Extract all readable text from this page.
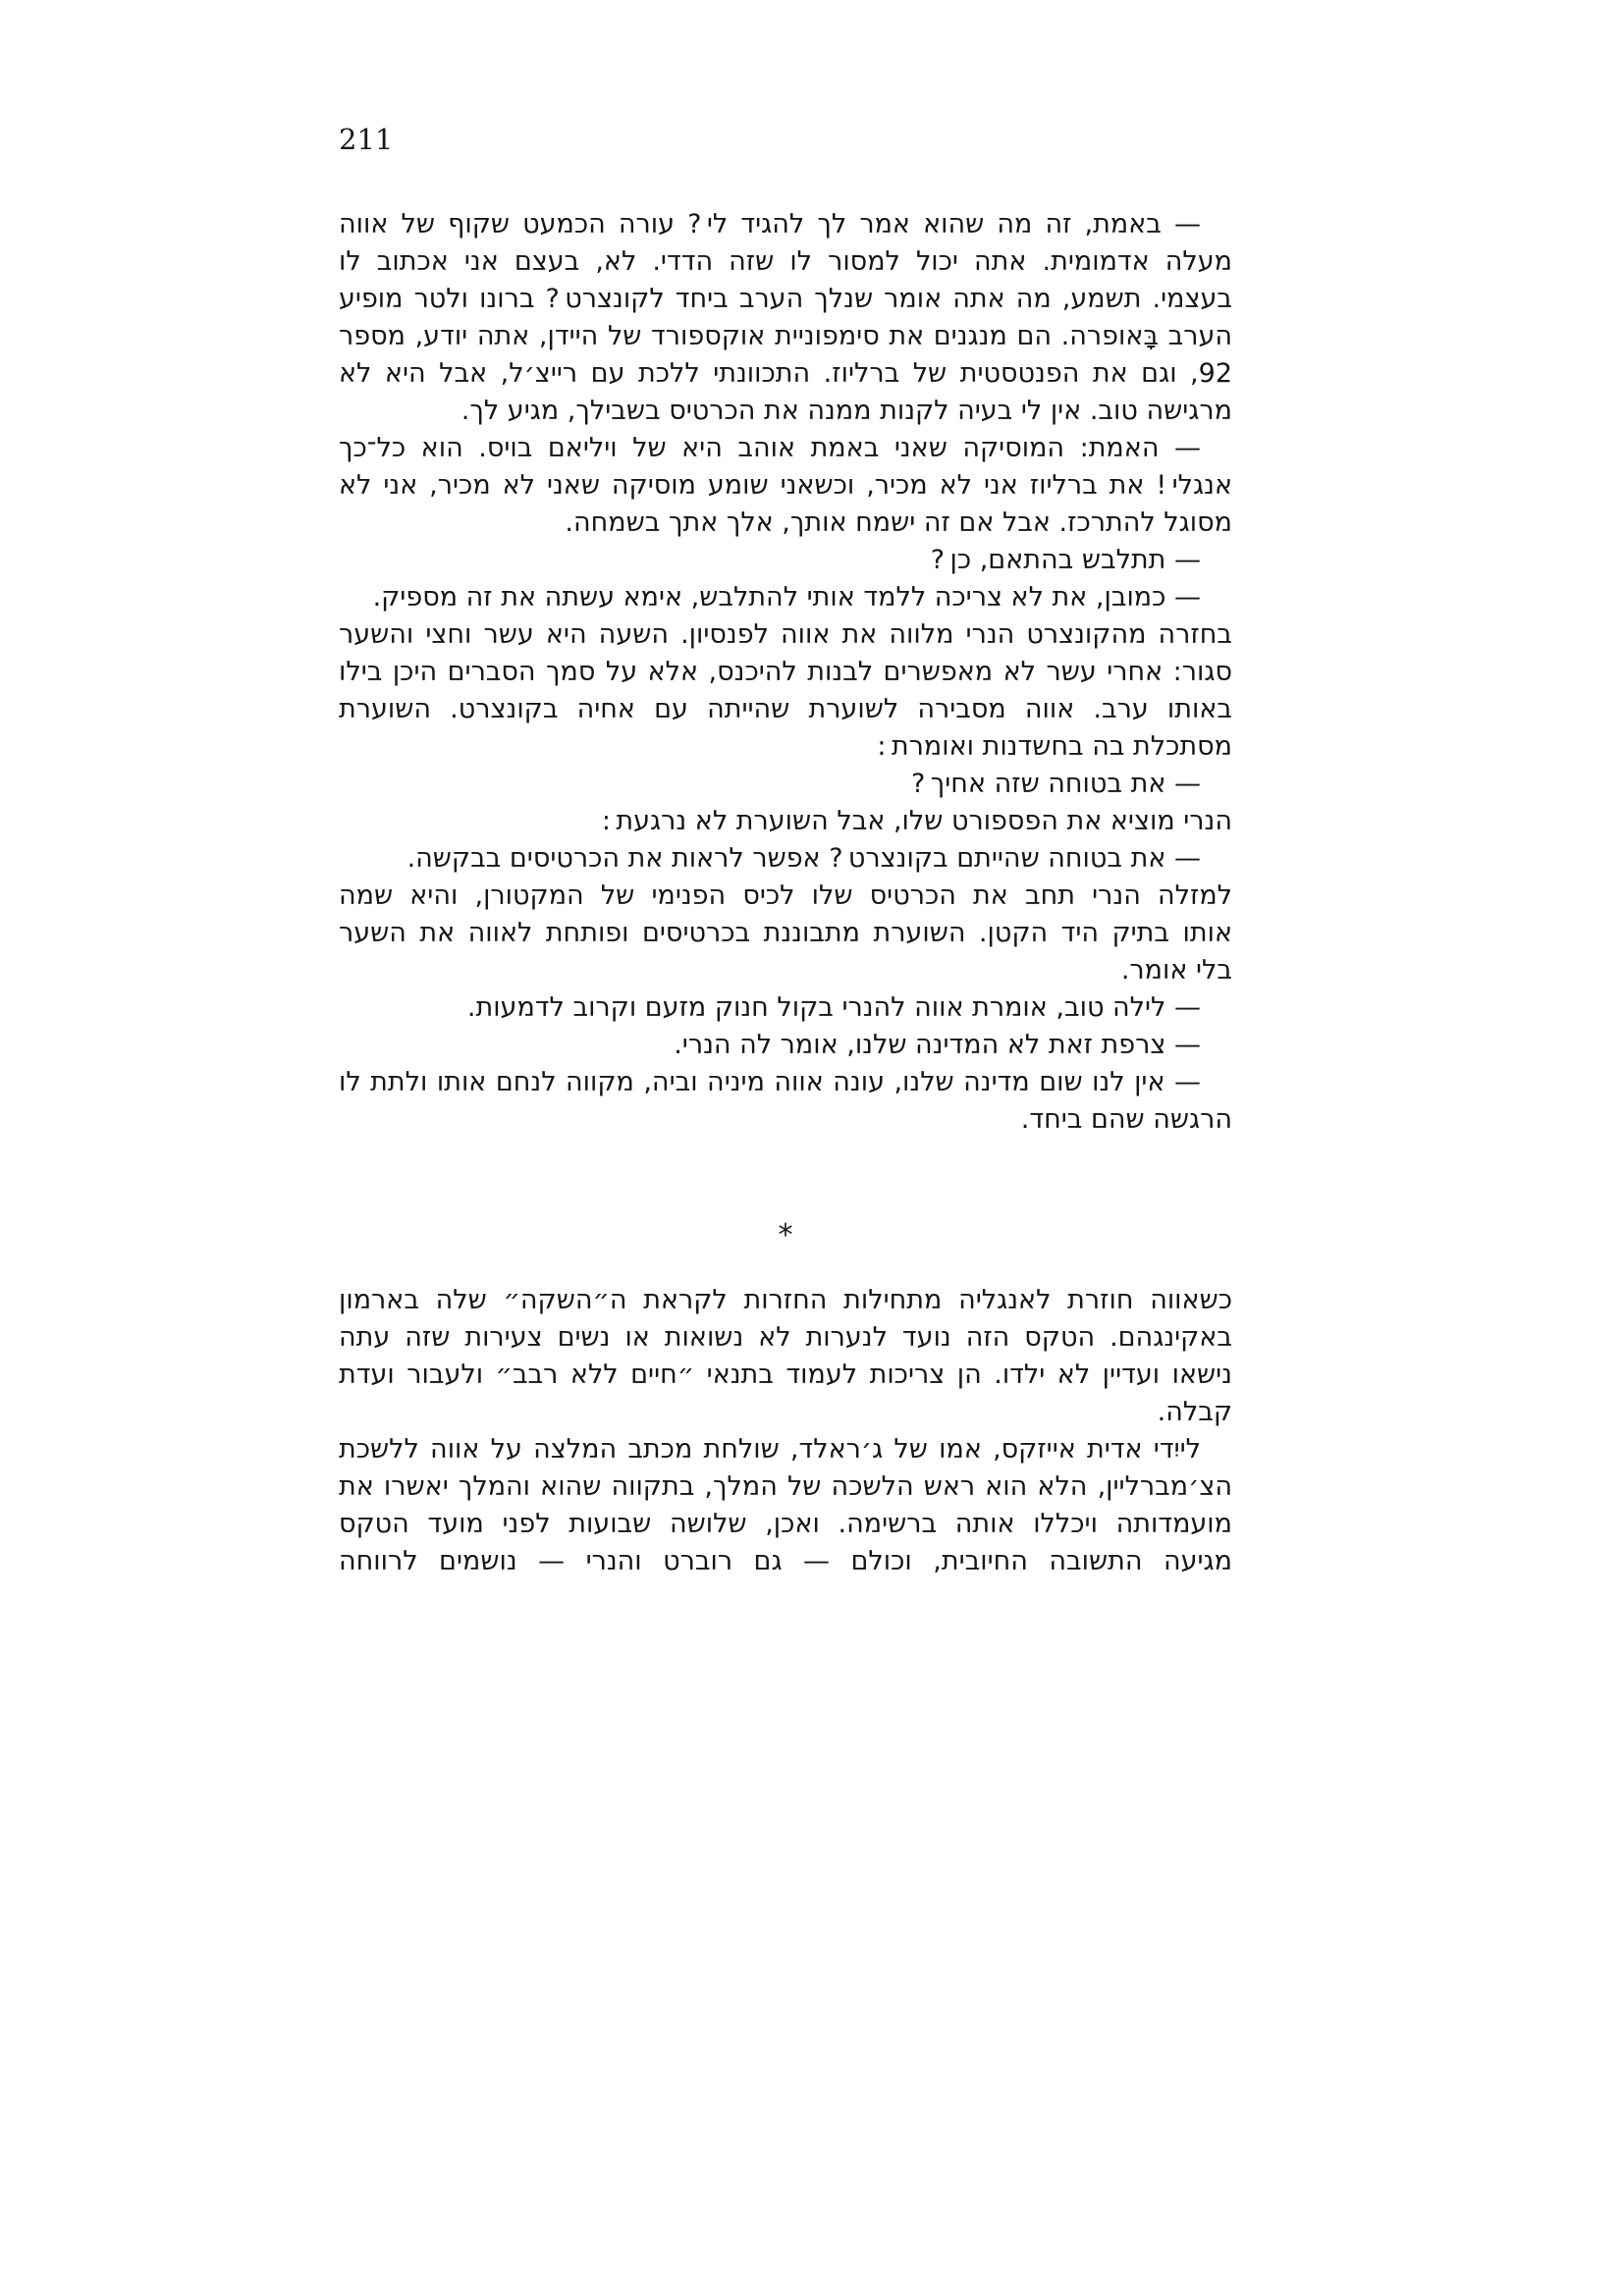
211
— באמת, זה מה שהוא אמר לך להגיד לי ? עורה הכמעט שקוף של אווה
מעלה אדמומית. אתה יכול למסור לו שזה הדדי. לא, בעצם אני אכתוב לו
בעצמי. תשמע, מה אתה אומר שנלך הערב ביחד לקונצרט ? ברונו ולטר מופיע
הערב בָּאופרה. הם מנגנים את סימפוניית אוקספורד של היידן, אתה יודע, מספר
92, וגם את הפנטסטית של ברליוז. התכוונתי ללכת עם רייצ׳ל, אבל היא לא
מרגישה טוב. אין לי בעיה לקנות ממנה את הכרטיס בשבילך, מגיע לך.
— האמת: המוסיקה שאני באמת אוהב היא של ויליאם בויס. הוא כל־כך
אנגלי ! את ברליוז אני לא מכיר, וכשאני שומע מוסיקה שאני לא מכיר, אני לא
מסוגל להתרכז. אבל אם זה ישמח אותך, אלך אתך בשמחה.
— תתלבש בהתאם, כן ?
— כמובן, את לא צריכה ללמד אותי להתלבש, אימא עשתה את זה מספיק.
בחזרה מהקונצרט הנרי מלווה את אווה לפנסיון. השעה היא עשר וחצי והשער
סגור: אחרי עשר לא מאפשרים לבנות להיכנס, אלא על סמך הסברים היכן בילו
באותו ערב. אווה מסבירה לשוערת שהייתה עם אחיה בקונצרט. השוערת
מסתכלת בה בחשדנות ואומרת :
— את בטוחה שזה אחיך ?
הנרי מוציא את הפספורט שלו, אבל השוערת לא נרגעת :
— את בטוחה שהייתם בקונצרט ? אפשר לראות את הכרטיסים בבקשה.
למזלה הנרי תחב את הכרטיס שלו לכיס הפנימי של המקטורן, והיא שמה
אותו בתיק היד הקטן. השוערת מתבוננת בכרטיסים ופותחת לאווה את השער
בלי אומר.
— לילה טוב, אומרת אווה להנרי בקול חנוק מזעם וקרוב לדמעות.
— צרפת זאת לא המדינה שלנו, אומר לה הנרי.
— אין לנו שום מדינה שלנו, עונה אווה מיניה וביה, מקווה לנחם אותו ולתת לו
הרגשה שהם ביחד.
*
כשאווה חוזרת לאנגליה מתחילות החזרות לקראת ה״השקה״ שלה בארמון
באקינגהם. הטקס הזה נועד לנערות לא נשואות או נשים צעירות שזה עתה
נישאו ועדיין לא ילדו. הן צריכות לעמוד בתנאי ״חיים ללא רבב״ ולעבור ועדת
קבלה.
לייִדי אדית אייזקס, אמו של ג׳ראלד, שולחת מכתב המלצה על אווה ללשכת
הצ׳מברליין, הלא הוא ראש הלשכה של המלך, בתקווה שהוא והמלך יאשרו את
מועמדותה ויכללו אותה ברשימה. ואכן, שלושה שבועות לפני מועד הטקס
מגיעה התשובה החיובית, וכולם — גם רוברט והנרי — נושמים לרווחה
